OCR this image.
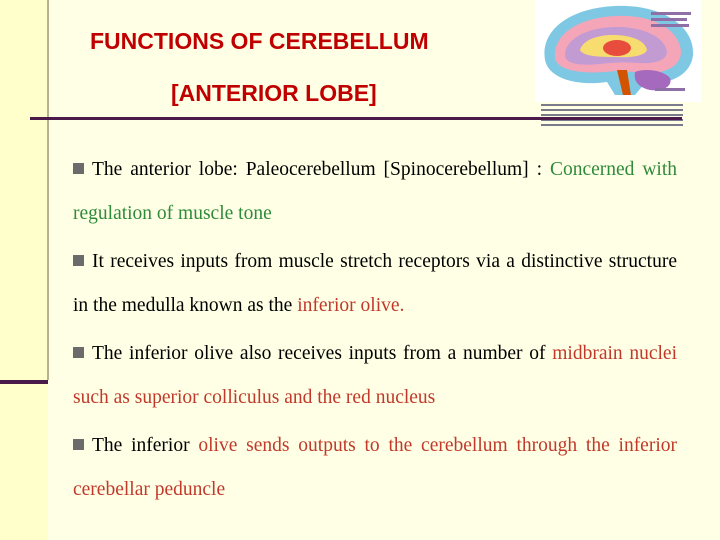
FUNCTIONS OF CEREBELLUM
[ANTERIOR LOBE]
The anterior lobe: Paleocerebellum [Spinocerebellum] : Concerned with regulation of muscle tone
It receives inputs from muscle stretch receptors via a distinctive structure in the medulla known as the inferior olive.
The inferior olive also receives inputs from a number of midbrain nuclei such as superior colliculus and the red nucleus
The inferior olive sends outputs to the cerebellum through the inferior cerebellar peduncle
